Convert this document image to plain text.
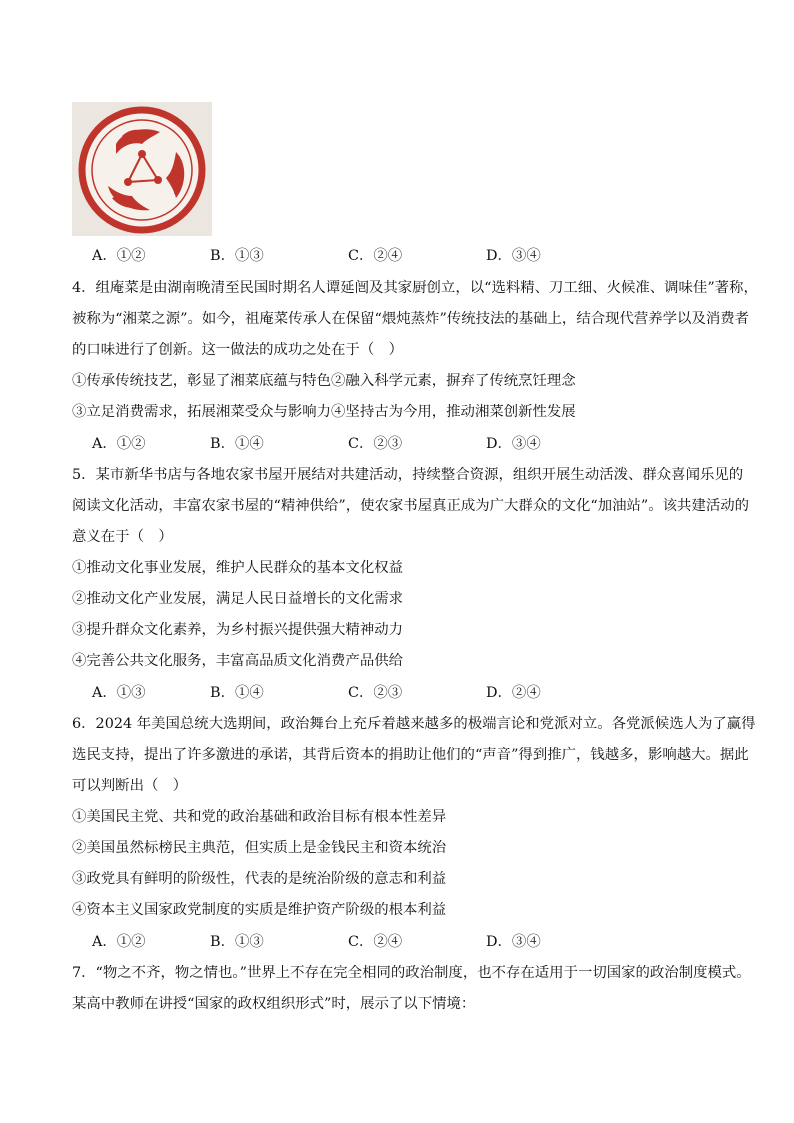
A．①②	B．①③	C．②④	D．③④
4．组庵菜是由湖南晚清至民国时期名人谭延闿及其家厨创立，以“选料精、刀工细、火候准、调味佳”著称，
被称为“湘菜之源”。如今，祖庵菜传承人在保留“煨炖蒸炸”传统技法的基础上，结合现代营养学以及消费者
的口味进行了创新。这一做法的成功之处在于（　）
①传承传统技艺，彰显了湘菜底蕴与特色②融入科学元素，摒弃了传统烹饪理念
③立足消费需求，拓展湘菜受众与影响力④坚持古为今用，推动湘菜创新性发展
A．①②	B．①④	C．②③	D．③④
5．某市新华书店与各地农家书屋开展结对共建活动，持续整合资源，组织开展生动活泼、群众喜闻乐见的
阅读文化活动，丰富农家书屋的“精神供给”，使农家书屋真正成为广大群众的文化“加油站”。该共建活动的
意义在于（　）
①推动文化事业发展，维护人民群众的基本文化权益
②推动文化产业发展，满足人民日益增长的文化需求
③提升群众文化素养，为乡村振兴提供强大精神动力
④完善公共文化服务，丰富高品质文化消费产品供给
A．①③	B．①④	C．②③	D．②④
6．2024 年美国总统大选期间，政治舞台上充斥着越来越多的极端言论和党派对立。各党派候选人为了赢得
选民支持，提出了许多激进的承诺，其背后资本的捐助让他们的“声音”得到推广，钱越多，影响越大。据此
可以判断出（　）
①美国民主党、共和党的政治基础和政治目标有根本性差异
②美国虽然标榜民主典范，但实质上是金钱民主和资本统治
③政党具有鲜明的阶级性，代表的是统治阶级的意志和利益
④资本主义国家政党制度的实质是维护资产阶级的根本利益
A．①②	B．①③	C．②④	D．③④
7．“物之不齐，物之情也。”世界上不存在完全相同的政治制度，也不存在适用于一切国家的政治制度模式。
某高中教师在讲授“国家的政权组织形式”时，展示了以下情境：
